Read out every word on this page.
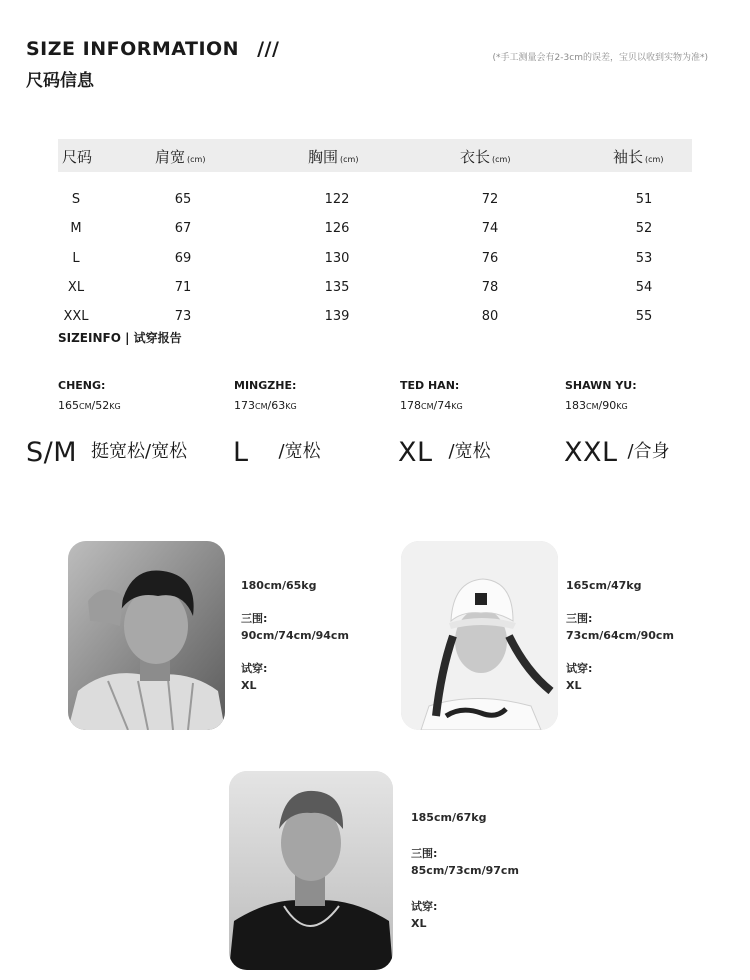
SIZE INFORMATION ///
尺码信息
(*手工测量会有2-3cm的误差，宝贝以收到实物为准*)
尺码	肩宽 (cm)	胸围 (cm)	衣长 (cm)	袖长 (cm)
S	65	122	72	51
M	67	126	74	52
L	69	130	76	53
XL	71	135	78	54
XXL	73	139	80	55
SIZEINFO | 试穿报告
CHENG:
165CM/52KG
MINGZHE:
173CM/63KG
TED HAN:
178CM/74KG
SHAWN YU:
183CM/90KG
S/M 挺宽松/宽松 L /宽松	XL /宽松	XXL /合身
180cm/65kg
三围:
90cm/74cm/94cm
试穿:
XL
165cm/47kg
三围:
73cm/64cm/90cm
试穿:
XL
185cm/67kg
三围:
85cm/73cm/97cm
试穿:
XL
